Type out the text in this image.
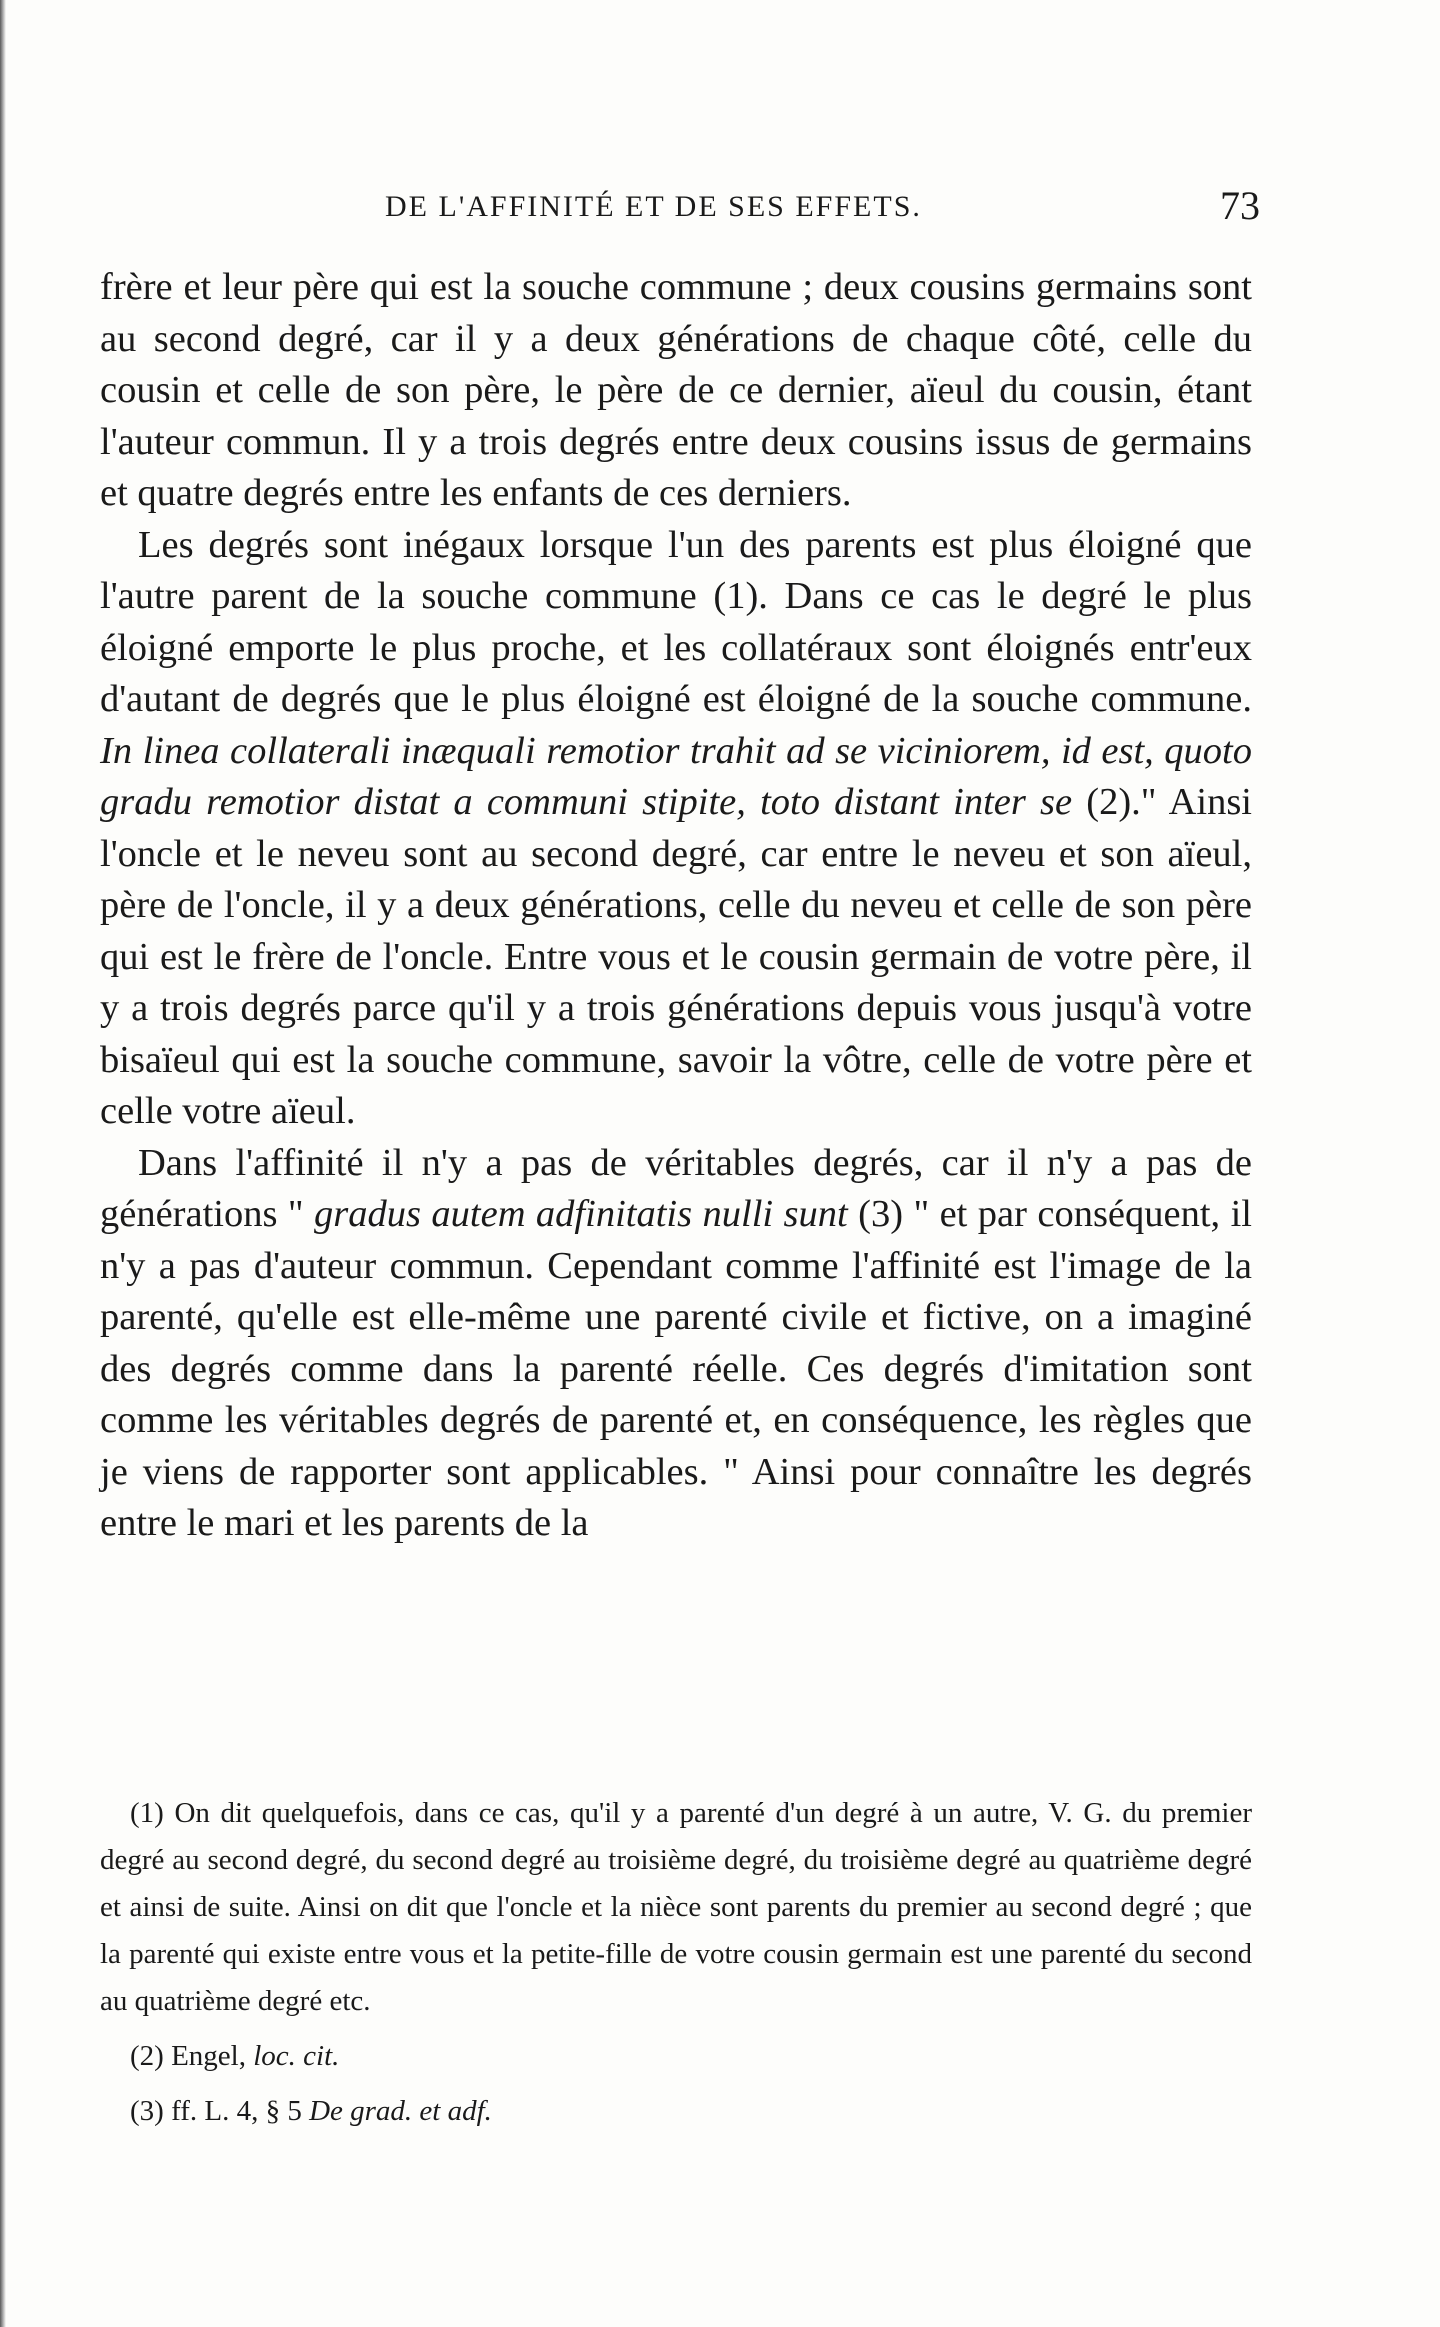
DE L'AFFINITÉ ET DE SES EFFETS.	73

frère et leur père qui est la souche commune ; deux cousins germains sont au second degré, car il y a deux générations de chaque côté, celle du cousin et celle de son père, le père de ce dernier, aïeul du cousin, étant l'auteur commun. Il y a trois degrés entre deux cousins issus de germains et quatre degrés entre les enfants de ces derniers.

Les degrés sont inégaux lorsque l'un des parents est plus éloigné que l'autre parent de la souche commune (1). Dans ce cas le degré le plus éloigné emporte le plus proche, et les collatéraux sont éloignés entr'eux d'autant de degrés que le plus éloigné est éloigné de la souche commune. In linea collaterali inæquali remotior trahit ad se viciniorem, id est, quoto gradu remotior distat a communi stipite, toto distant inter se (2)." Ainsi l'oncle et le neveu sont au second degré, car entre le neveu et son aïeul, père de l'oncle, il y a deux générations, celle du neveu et celle de son père qui est le frère de l'oncle. Entre vous et le cousin germain de votre père, il y a trois degrés parce qu'il y a trois générations depuis vous jusqu'à votre bisaïeul qui est la souche commune, savoir la vôtre, celle de votre père et celle votre aïeul.

Dans l'affinité il n'y a pas de véritables degrés, car il n'y a pas de générations " gradus autem adfinitatis nulli sunt (3) " et par conséquent, il n'y a pas d'auteur commun. Cependant comme l'affinité est l'image de la parenté, qu'elle est elle-même une parenté civile et fictive, on a imaginé des degrés comme dans la parenté réelle. Ces degrés d'imitation sont comme les véritables degrés de parenté et, en conséquence, les règles que je viens de rapporter sont applicables. " Ainsi pour connaître les degrés entre le mari et les parents de la

(1) On dit quelquefois, dans ce cas, qu'il y a parenté d'un degré à un autre, V. G. du premier degré au second degré, du second degré au troisième degré, du troisième degré au quatrième degré et ainsi de suite. Ainsi on dit que l'oncle et la nièce sont parents du premier au second degré ; que la parenté qui existe entre vous et la petite-fille de votre cousin germain est une parenté du second au quatrième degré etc.

(2) Engel, loc. cit.

(3) ff. L. 4, § 5 De grad. et adf.
